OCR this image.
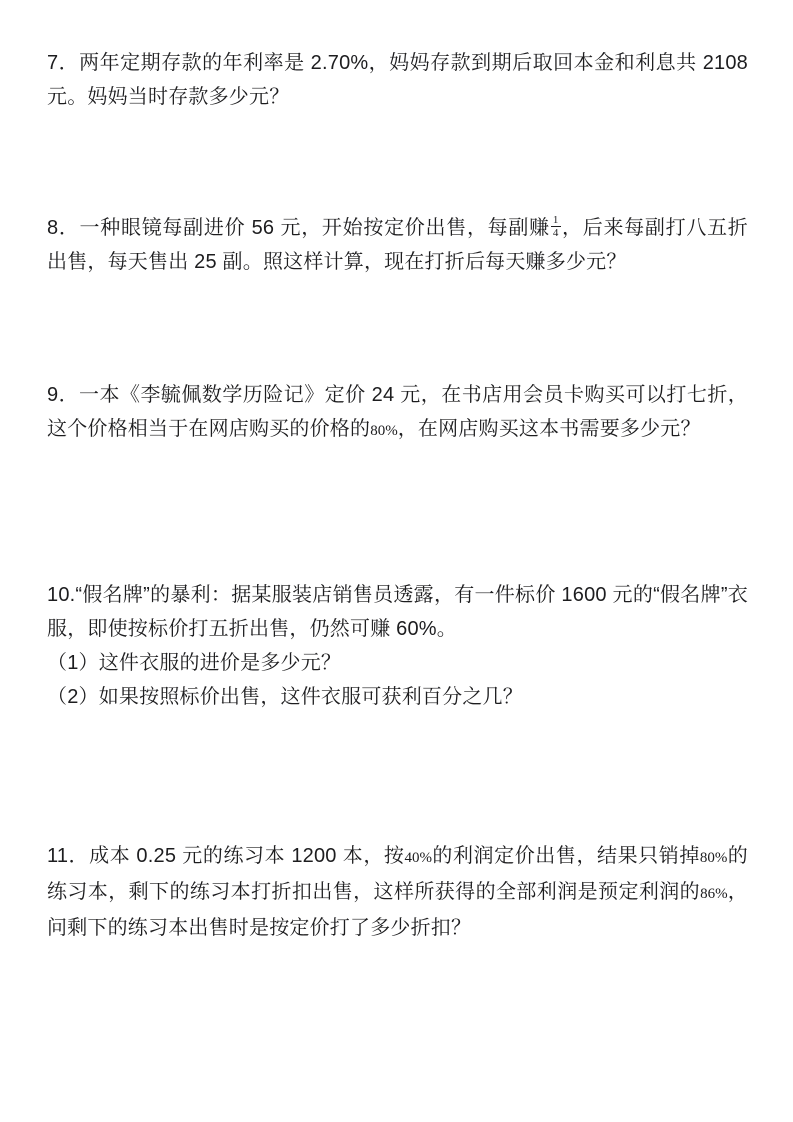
7．两年定期存款的年利率是 2.70%，妈妈存款到期后取回本金和利息共 2108 元。妈妈当时存款多少元？

8．一种眼镜每副进价 56 元，开始按定价出售，每副赚 $\frac{1}{4}$ ，后来每副打八五折出售，每天售出 25 副。照这样计算，现在打折后每天赚多少元？

9．一本《李毓佩数学历险记》定价 24 元，在书店用会员卡购买可以打七折，这个价格相当于在网店购买的价格的80%，在网店购买这本书需要多少元？

10.“假名牌”的暴利：据某服装店销售员透露，有一件标价 1600 元的“假名牌”衣服，即使按标价打五折出售，仍然可赚 60%。

（1）这件衣服的进价是多少元？

（2）如果按照标价出售，这件衣服可获利百分之几？

11．成本 0.25 元的练习本 1200 本，按40%的利润定价出售，结果只销掉80%的练习本，剩下的练习本打折扣出售，这样所获得的全部利润是预定利润的86%，问剩下的练习本出售时是按定价打了多少折扣？
